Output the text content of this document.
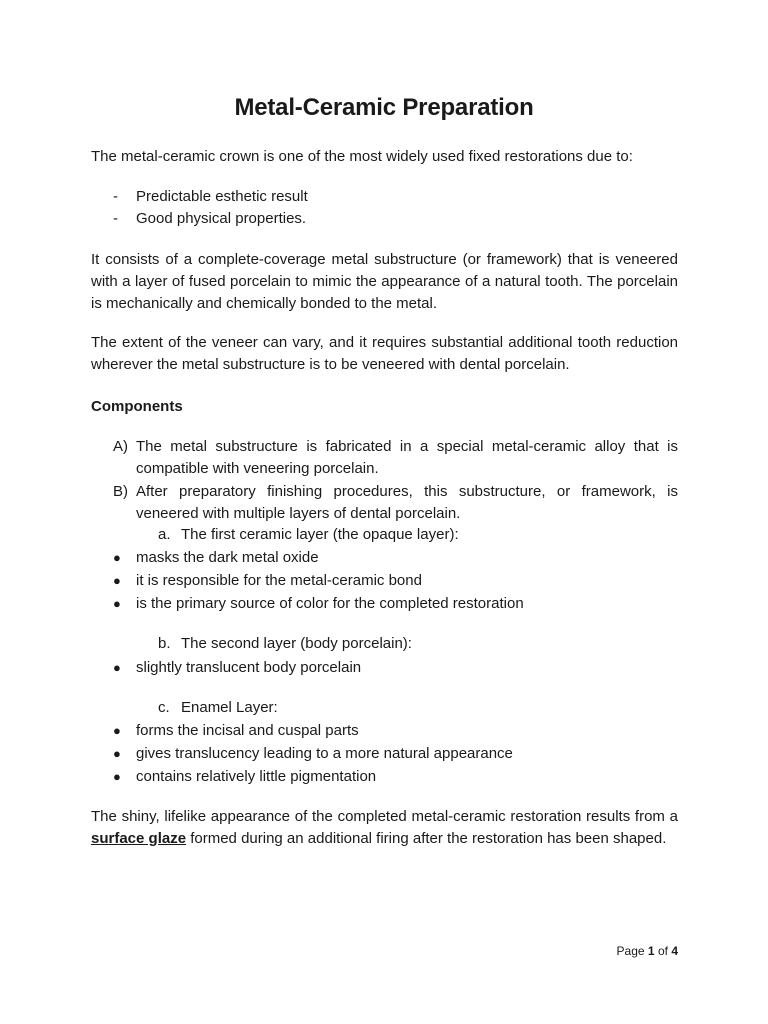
Metal-Ceramic Preparation
The metal-ceramic crown is one of the most widely used fixed restorations due to:
- Predictable esthetic result
- Good physical properties.
It consists of a complete-coverage metal substructure (or framework) that is veneered with a layer of fused porcelain to mimic the appearance of a natural tooth. The porcelain is mechanically and chemically bonded to the metal.
The extent of the veneer can vary, and it requires substantial additional tooth reduction wherever the metal substructure is to be veneered with dental porcelain.
Components
A) The metal substructure is fabricated in a special metal-ceramic alloy that is compatible with veneering porcelain.
B) After preparatory finishing procedures, this substructure, or framework, is veneered with multiple layers of dental porcelain.
a. The first ceramic layer (the opaque layer):
● masks the dark metal oxide
● it is responsible for the metal-ceramic bond
● is the primary source of color for the completed restoration
b. The second layer (body porcelain):
● slightly translucent body porcelain
c. Enamel Layer:
● forms the incisal and cuspal parts
● gives translucency leading to a more natural appearance
● contains relatively little pigmentation
The shiny, lifelike appearance of the completed metal-ceramic restoration results from a surface glaze formed during an additional firing after the restoration has been shaped.
Page 1 of 4
